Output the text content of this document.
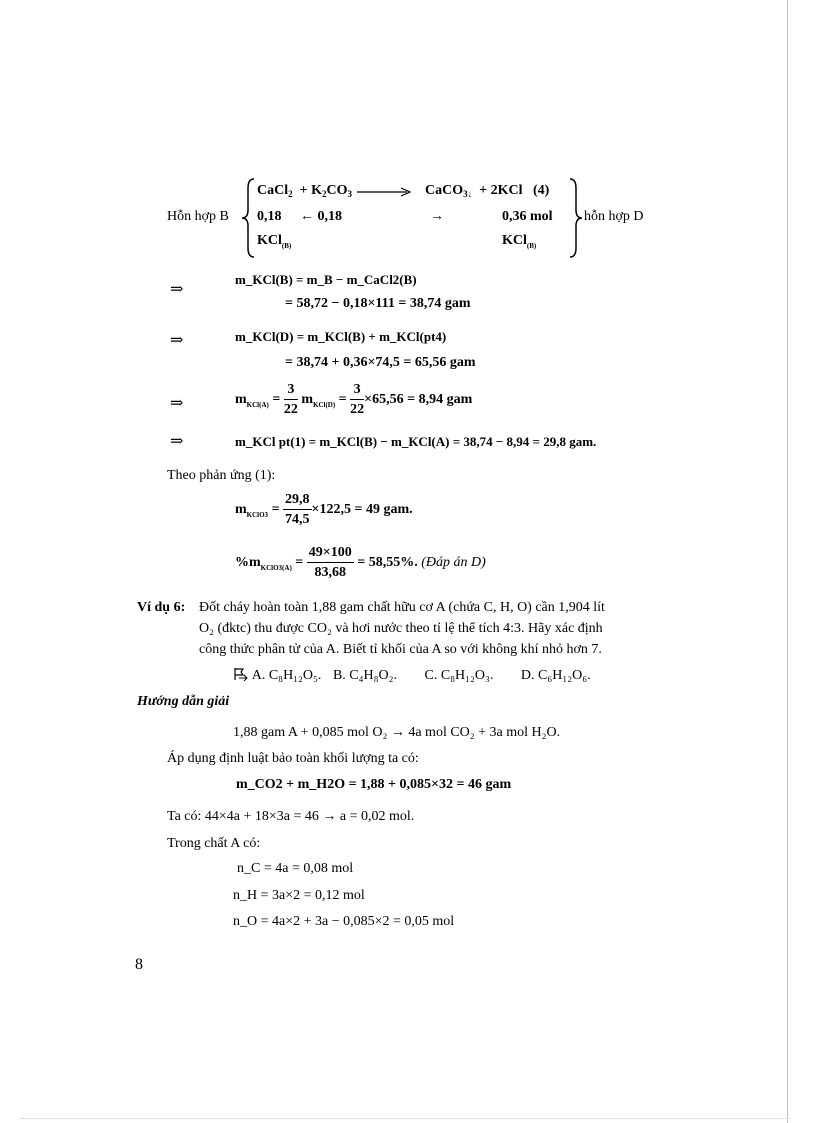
Hỗn hợp B
CaCl$_2$ + $K_2CO_3$ → CaCO$_{3↓}$ + 2KCl (4)
0,18 ← 0,18	→	0,36 mol
KCl$_{(B)}$	KCl$_{(B)}$
hỗn hợp D
⇒
m_KCl(B) = m_B − m_CaCl2(B)
= 58,72 − 0,18×111 = 38,74 gam
⇒	m_KCl(D) = m_KCl(B) + m_KCl(pt4)
= 38,74 + 0,36×74,5 = 65,56 gam
⇒	$m_{KCl(A)} = \frac{3}{22} m_{KCl(D)} = \frac{3}{22} \times 65,56 = 8,94$ gam
⇒	m_KCl pt(1) = m_KCl(B) − m_KCl(A) = 38,74 − 8,94 = 29,8 gam.
Theo phản ứng (1):
$m_{KClO3} = \frac{29,8}{74,5} \times 122,5 = 49$ gam.
$\%m_{KClO3(A)} = \frac{49\times 100}{83,68} = 58,55\%$. (Đáp án D)
Ví dụ 6: Đốt cháy hoàn toàn 1,88 gam chất hữu cơ A (chứa C, H, O) cần 1,904 lít
O₂ (đktc) thu được CO₂ và hơi nước theo tỉ lệ thể tích 4:3. Hãy xác định
công thức phân tử của A. Biết tỉ khối của A so với không khí nhỏ hơn 7.
A. C₈H₁₂O₅. B. C₄H₈O₂. C. C₈H₁₂O₃. D. C₆H₁₂O₆.
Hướng dẫn giải
1,88 gam A + 0,085 mol O₂ → 4a mol CO₂ + 3a mol H₂O.
Áp dụng định luật bảo toàn khối lượng ta có:
m_CO2 + m_H2O = 1,88 + 0,085×32 = 46 gam
Ta có: 44×4a + 18×3a = 46 → a = 0,02 mol.
Trong chất A có:
n_C = 4a = 0,08 mol
n_H = 3a×2 = 0,12 mol
n_O = 4a×2 + 3a − 0,085×2 = 0,05 mol
8
